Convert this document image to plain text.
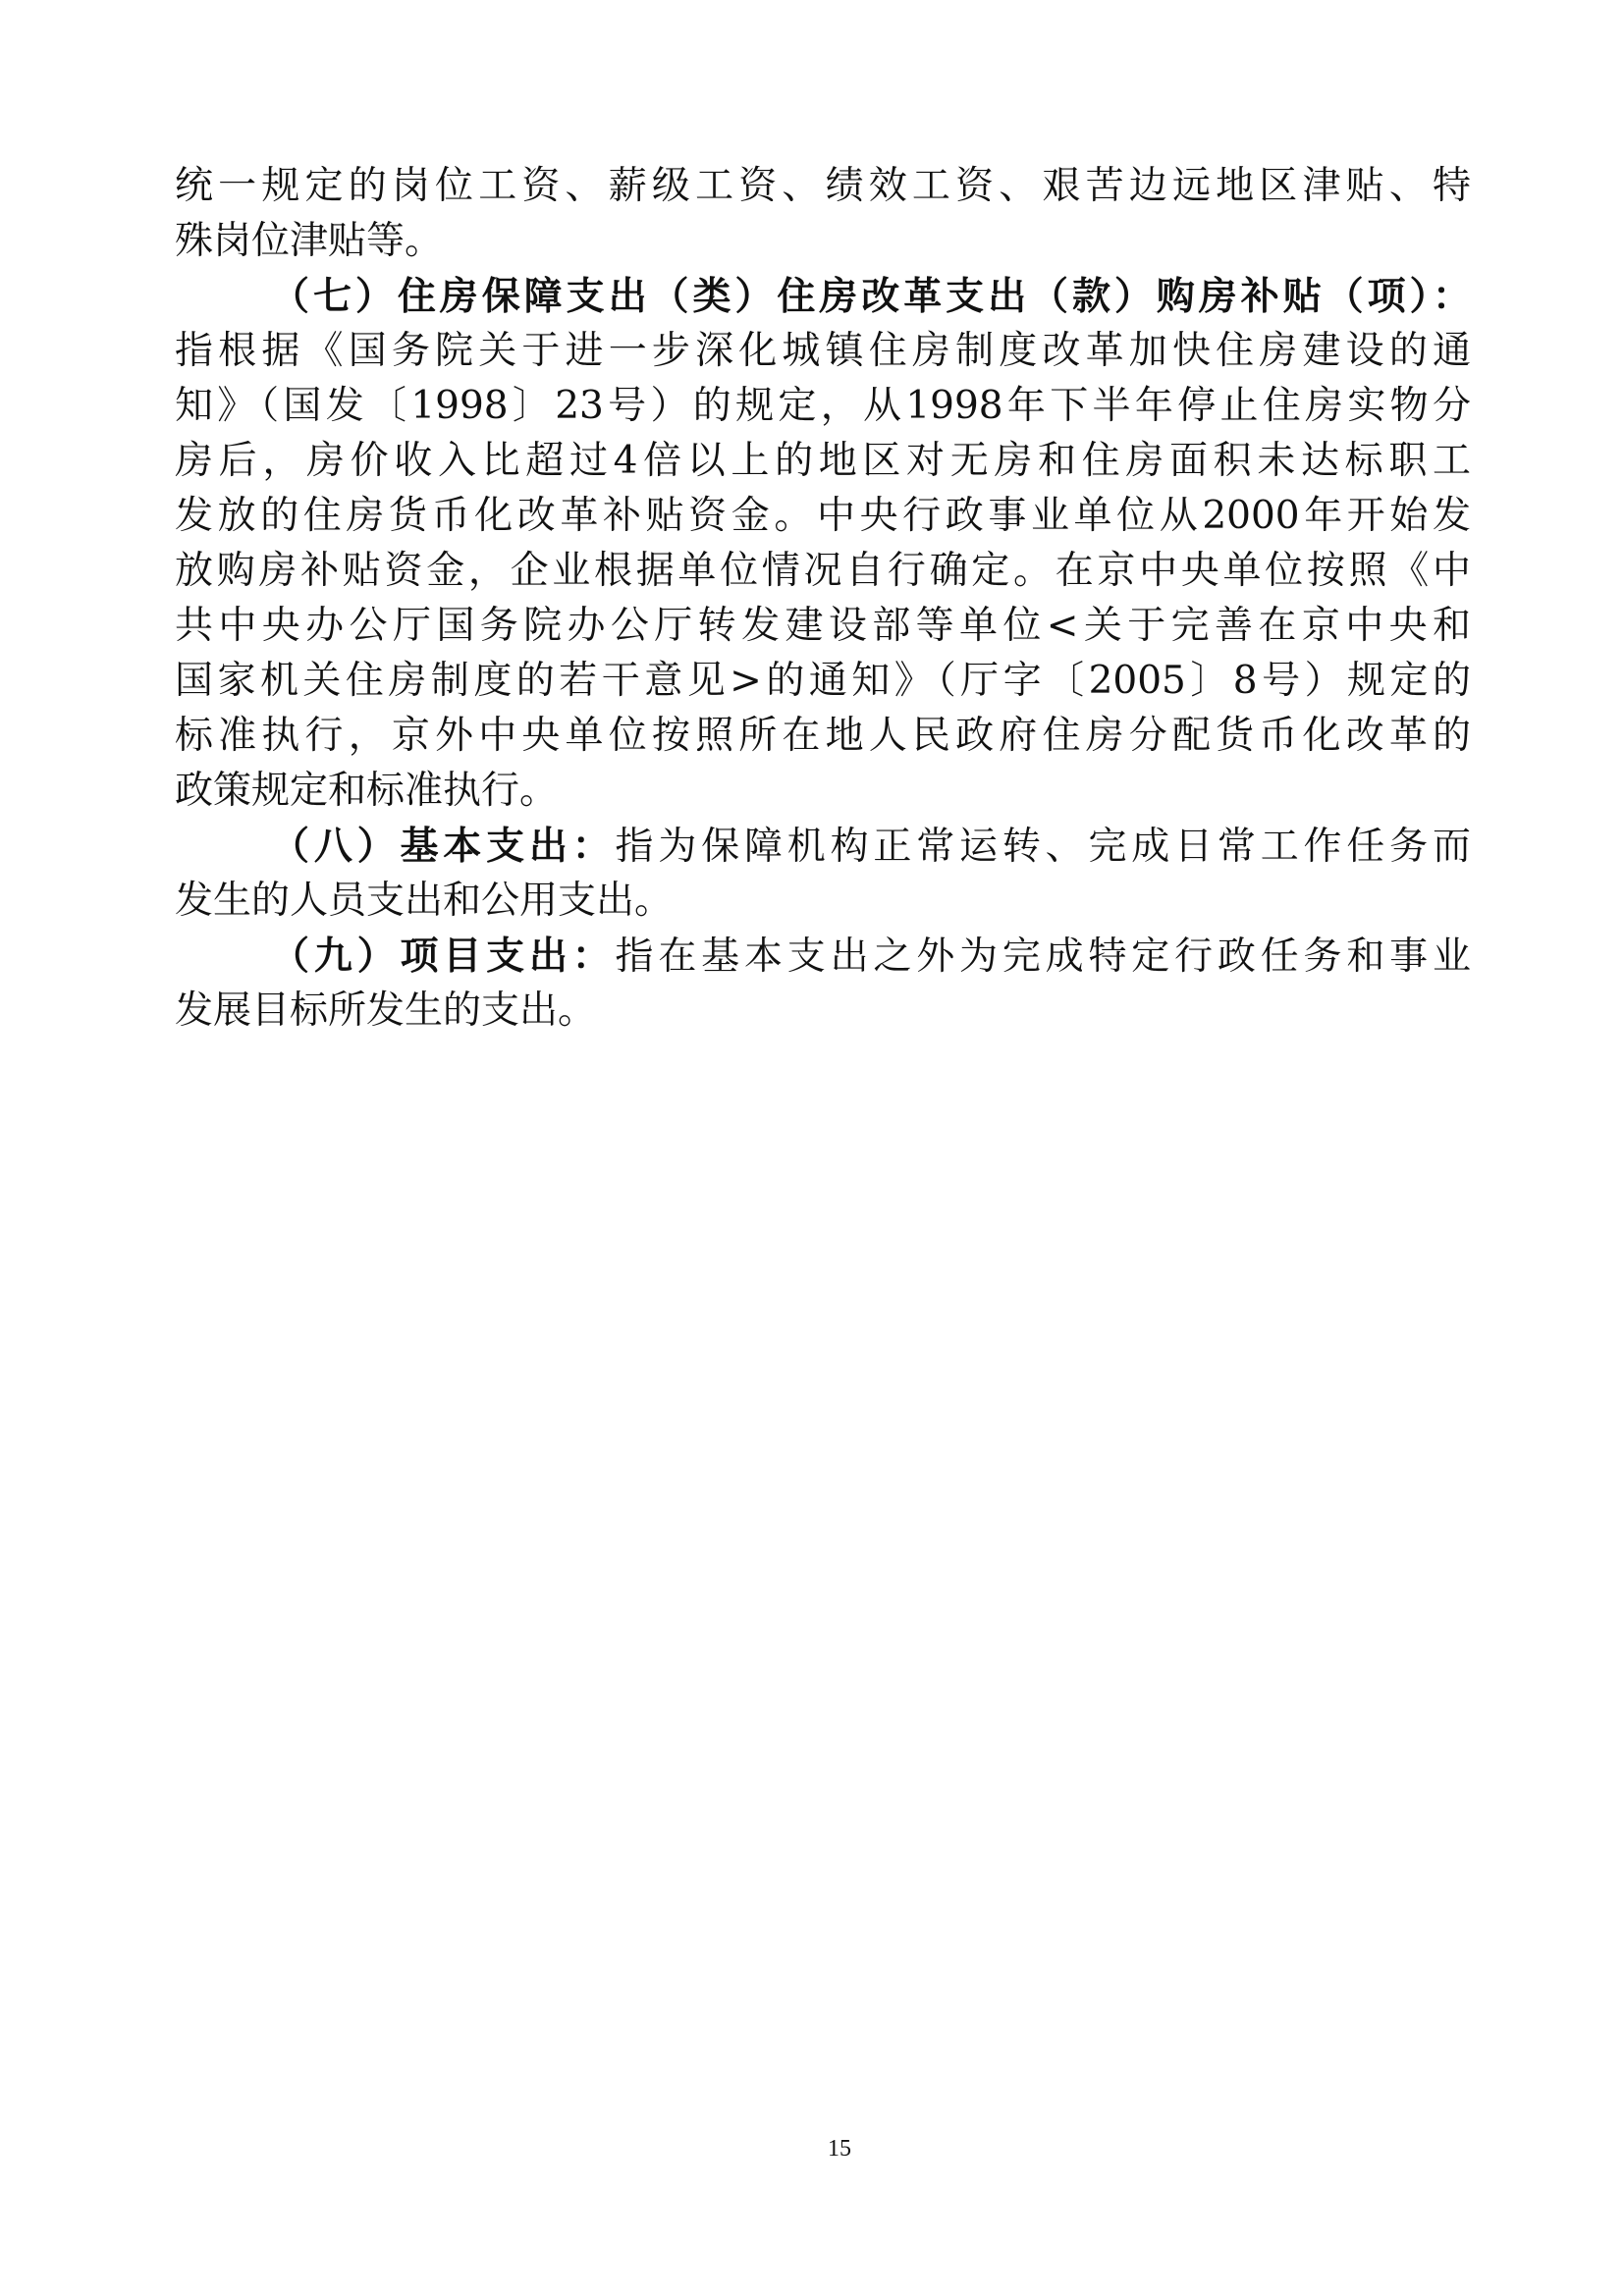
统一规定的岗位工资、薪级工资、绩效工资、艰苦边远地区津贴、特
殊岗位津贴等。
（七）住房保障支出（类）住房改革支出（款）购房补贴（项）：
指根据《国务院关于进一步深化城镇住房制度改革加快住房建设的通
知》（国发〔1998〕23号）的规定，从1998年下半年停止住房实物分
房后，房价收入比超过4倍以上的地区对无房和住房面积未达标职工
发放的住房货币化改革补贴资金。中央行政事业单位从2000年开始发
放购房补贴资金，企业根据单位情况自行确定。在京中央单位按照《中
共中央办公厅国务院办公厅转发建设部等单位<关于完善在京中央和
国家机关住房制度的若干意见>的通知》（厅字〔2005〕8号）规定的
标准执行，京外中央单位按照所在地人民政府住房分配货币化改革的
政策规定和标准执行。
（八）基本支出：指为保障机构正常运转、完成日常工作任务而
发生的人员支出和公用支出。
（九）项目支出：指在基本支出之外为完成特定行政任务和事业
发展目标所发生的支出。
15
